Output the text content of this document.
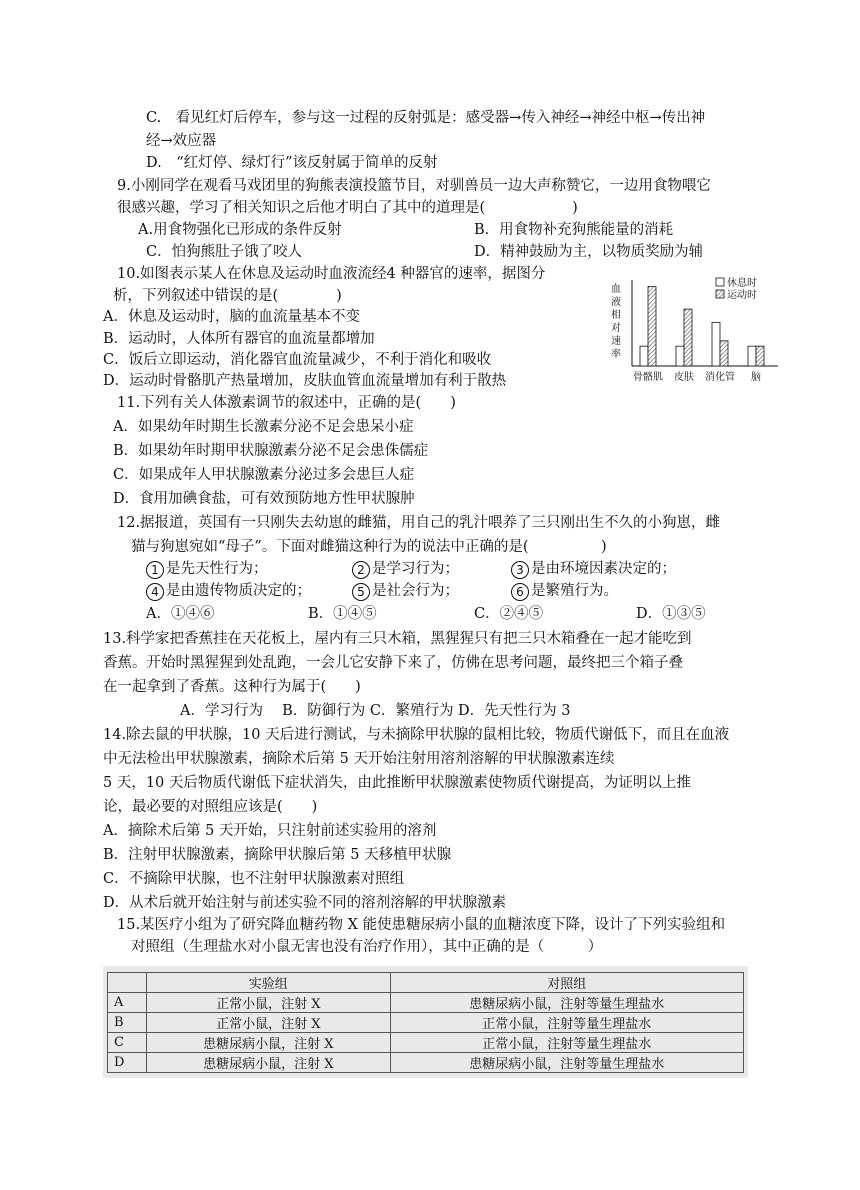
C.　看见红灯后停车，参与这一过程的反射弧是：感受器→传入神经→神经中枢→传出神
经→效应器
D.　“红灯停、绿灯行”该反射属于简单的反射
9.小刚同学在观看马戏团里的狗熊表演投篮节目，对驯兽员一边大声称赞它，一边用食物喂它
很感兴趣，学习了相关知识之后他才明白了其中的道理是(　　　　　　)
A.用食物强化已形成的条件反射	B．用食物补充狗熊能量的消耗
C．怕狗熊肚子饿了咬人	D．精神鼓励为主，以物质奖励为辅
10.如图表示某人在休息及运动时血液流经4 种器官的速率，据图分
析，下列叙述中错误的是(　　　　)
A．休息及运动时，脑的血流量基本不变
B．运动时，人体所有器官的血流量都增加
C．饭后立即运动，消化器官血流量减少，不利于消化和吸收
D．运动时骨骼肌产热量增加，皮肤血管血流量增加有利于散热
血
液
相
对
速
率
骨骼肌 皮肤 消化管 脑
休息时
运动时
11.下列有关人体激素调节的叙述中，正确的是(　　)
A．如果幼年时期生长激素分泌不足会患呆小症
B．如果幼年时期甲状腺激素分泌不足会患侏儒症
C．如果成年人甲状腺激素分泌过多会患巨人症
D．食用加碘食盐，可有效预防地方性甲状腺肿
12.据报道，英国有一只刚失去幼崽的雌猫，用自己的乳汁喂养了三只刚出生不久的小狗崽，雌
猫与狗崽宛如“母子”。下面对雌猫这种行为的说法中正确的是(　　　　　)
1 是先天性行为；	2 是学习行为；	3 是由环境因素决定的；
4 是由遗传物质决定的；	5 是社会行为；	6 是繁殖行为。
A．①④⑥	B．①④⑤	C．②④⑤	D．①③⑤
13.科学家把香蕉挂在天花板上，屋内有三只木箱，黑猩猩只有把三只木箱叠在一起才能吃到
香蕉。开始时黑猩猩到处乱跑，一会儿它安静下来了，仿佛在思考问题，最终把三个箱子叠
在一起拿到了香蕉。这种行为属于(　　)
A．学习行为　 B．防御行为 C．繁殖行为 D．先天性行为 3
14.除去鼠的甲状腺，10 天后进行测试，与未摘除甲状腺的鼠相比较，物质代谢低下，而且在血液
中无法检出甲状腺激素，摘除术后第 5 天开始注射用溶剂溶解的甲状腺激素连续
5 天，10 天后物质代谢低下症状消失，由此推断甲状腺激素使物质代谢提高，为证明以上推
论，最必要的对照组应该是(　　)
A．摘除术后第 5 天开始，只注射前述实验用的溶剂
B．注射甲状腺激素，摘除甲状腺后第 5 天移植甲状腺
C．不摘除甲状腺，也不注射甲状腺激素对照组
D．从术后就开始注射与前述实验不同的溶剂溶解的甲状腺激素
15.某医疗小组为了研究降血糖药物 X 能使患糖尿病小鼠的血糖浓度下降，设计了下列实验组和
对照组（生理盐水对小鼠无害也没有治疗作用），其中正确的是（　　　）
	实验组	对照组
A	正常小鼠，注射 X	患糖尿病小鼠，注射等量生理盐水
B	正常小鼠，注射 X	正常小鼠，注射等量生理盐水
C	患糖尿病小鼠，注射 X	正常小鼠，注射等量生理盐水
D	患糖尿病小鼠，注射 X	患糖尿病小鼠，注射等量生理盐水
